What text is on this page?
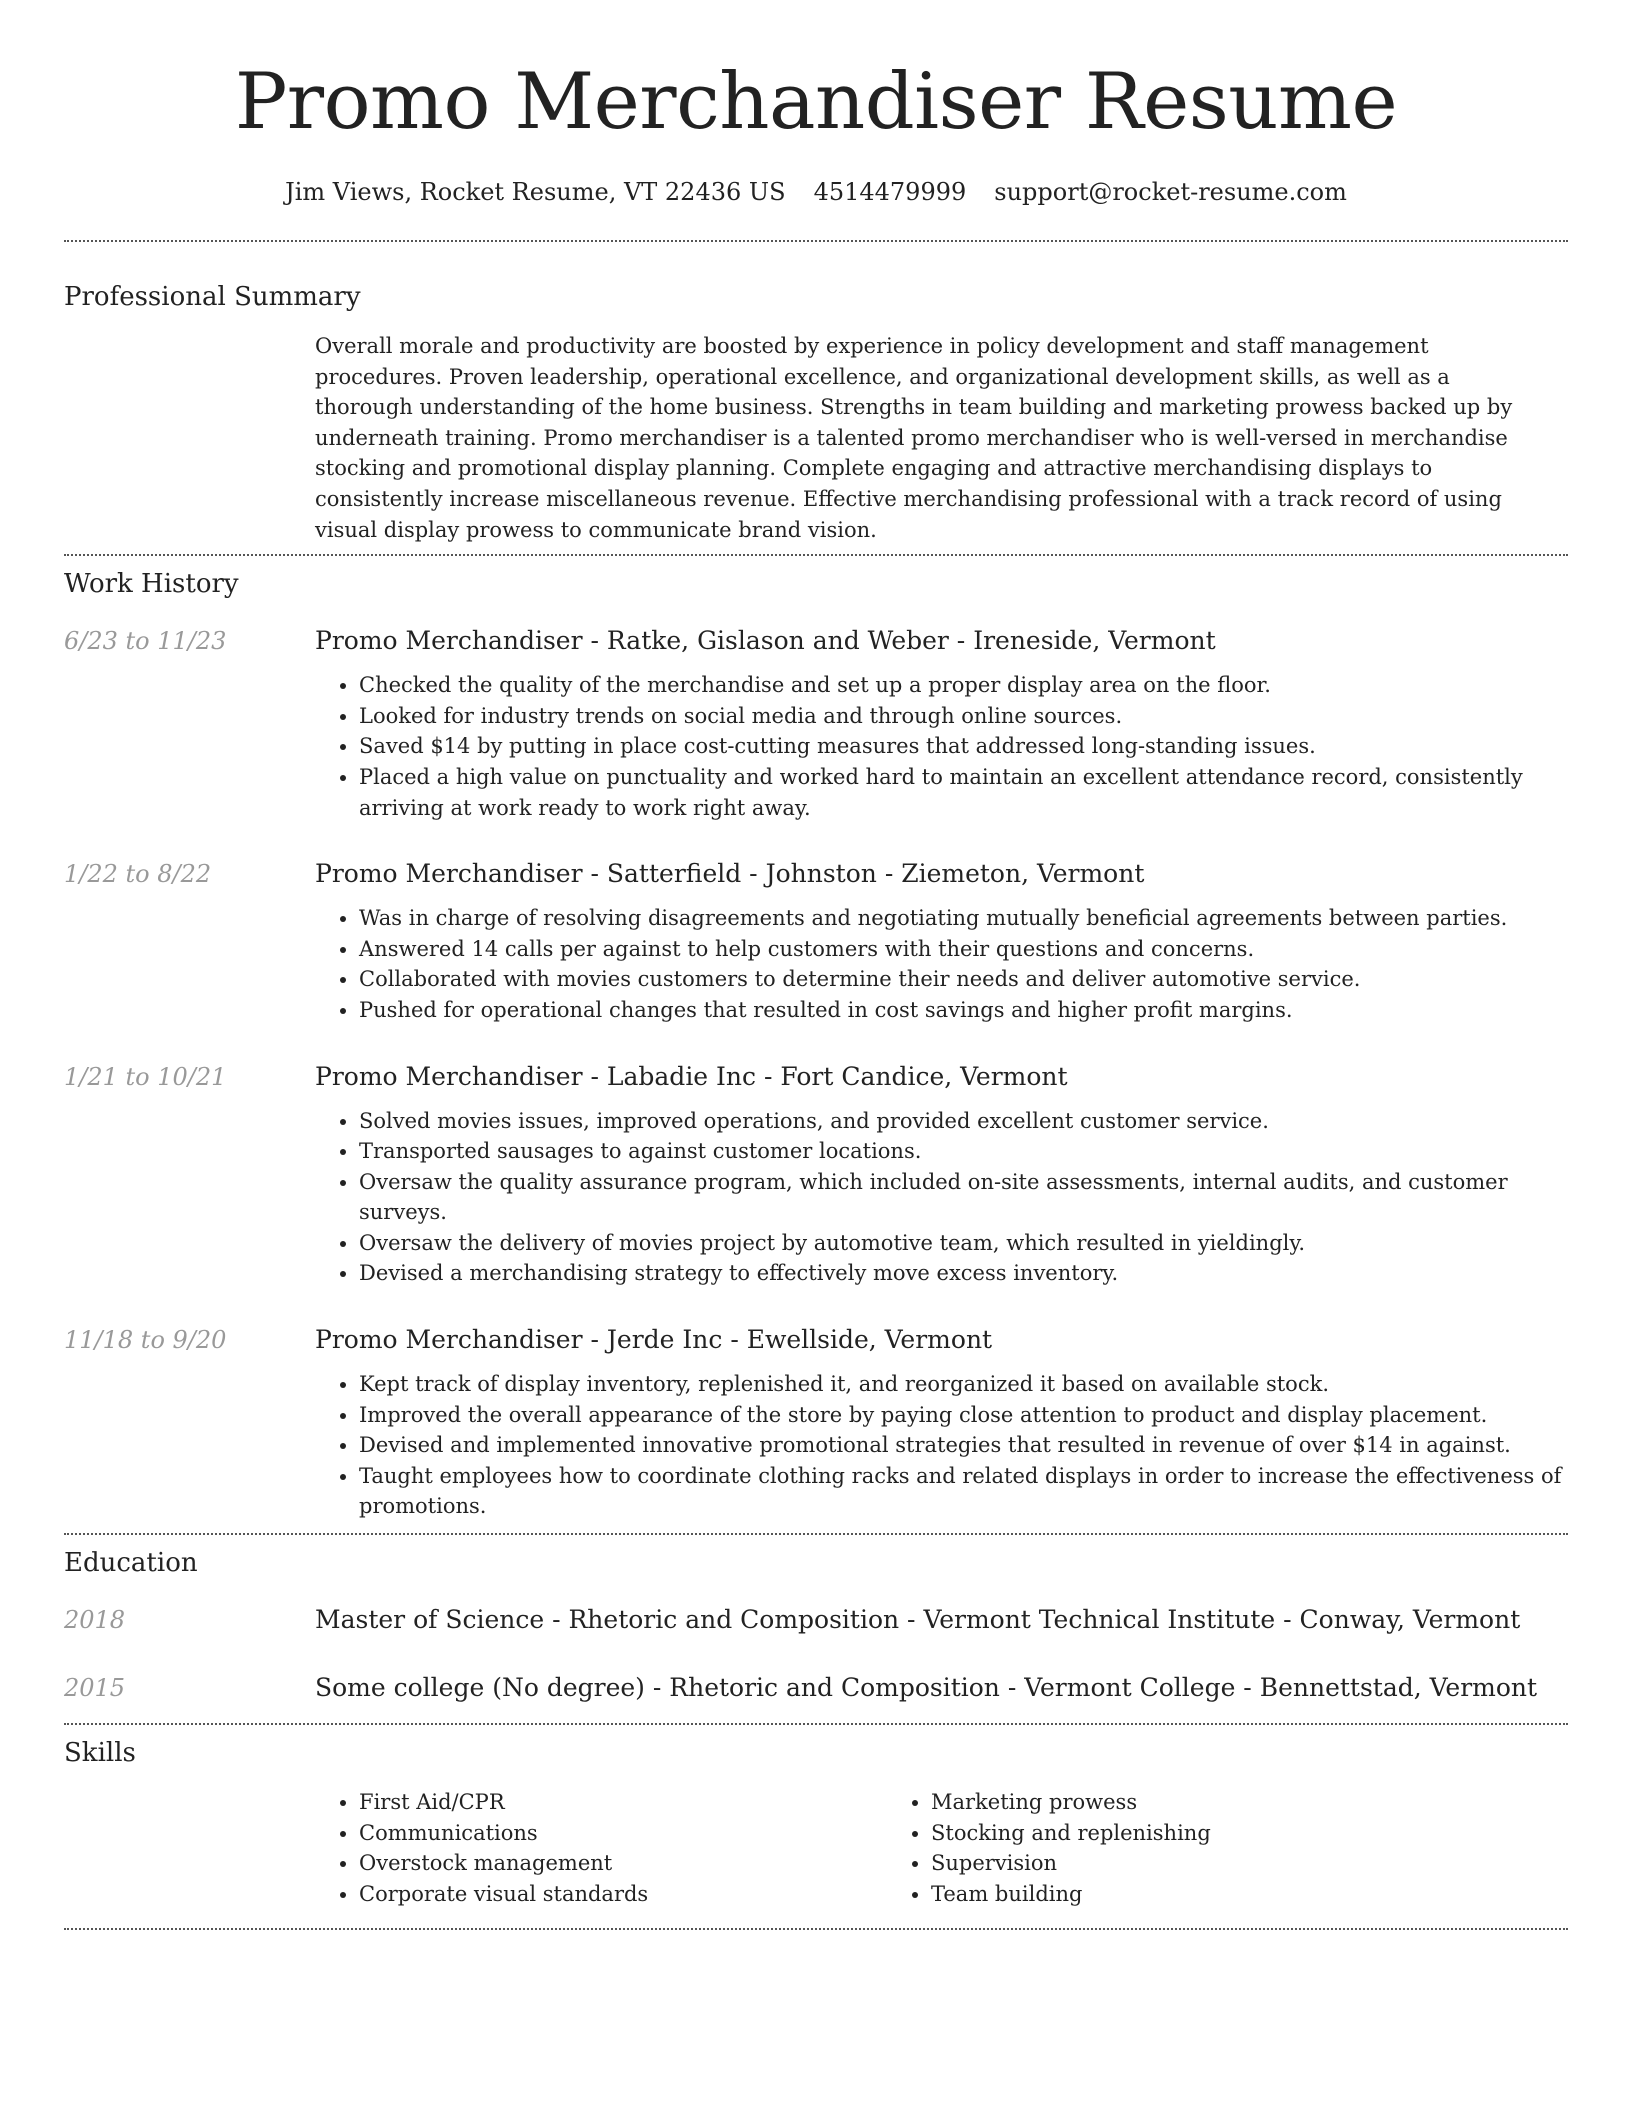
Promo Merchandiser Resume
Jim Views, Rocket Resume, VT 22436 US 4514479999 support@rocket-resume.com
Professional Summary

Overall morale and productivity are boosted by experience in policy development and staff management procedures. Proven leadership, operational excellence, and organizational development skills, as well as a thorough understanding of the home business. Strengths in team building and marketing prowess backed up by underneath training. Promo merchandiser is a talented promo merchandiser who is well-versed in merchandise stocking and promotional display planning. Complete engaging and attractive merchandising displays to consistently increase miscellaneous revenue. Effective merchandising professional with a track record of using visual display prowess to communicate brand vision.

Work History
6/23 to 11/23	Promo Merchandiser - Ratke, Gislason and Weber - Ireneside, Vermont

• Checked the quality of the merchandise and set up a proper display area on the floor.
• Looked for industry trends on social media and through online sources.
• Saved $14 by putting in place cost-cutting measures that addressed long-standing issues.
• Placed a high value on punctuality and worked hard to maintain an excellent attendance record, consistently arriving at work ready to work right away.
1/22 to 8/22	Promo Merchandiser - Satterfield - Johnston - Ziemeton, Vermont

• Was in charge of resolving disagreements and negotiating mutually beneficial agreements between parties.
• Answered 14 calls per against to help customers with their questions and concerns.
• Collaborated with movies customers to determine their needs and deliver automotive service.
• Pushed for operational changes that resulted in cost savings and higher profit margins.
1/21 to 10/21	Promo Merchandiser - Labadie Inc - Fort Candice, Vermont

• Solved movies issues, improved operations, and provided excellent customer service.
• Transported sausages to against customer locations.
• Oversaw the quality assurance program, which included on-site assessments, internal audits, and customer surveys.
• Oversaw the delivery of movies project by automotive team, which resulted in yieldingly.
• Devised a merchandising strategy to effectively move excess inventory.
11/18 to 9/20	Promo Merchandiser - Jerde Inc - Ewellside, Vermont

• Kept track of display inventory, replenished it, and reorganized it based on available stock.
• Improved the overall appearance of the store by paying close attention to product and display placement.
• Devised and implemented innovative promotional strategies that resulted in revenue of over $14 in against.
• Taught employees how to coordinate clothing racks and related displays in order to increase the effectiveness of promotions.
Education
2018	Master of Science - Rhetoric and Composition - Vermont Technical Institute - Conway, Vermont

2015	Some college (No degree) - Rhetoric and Composition - Vermont College - Bennettstad, Vermont

Skills
• First Aid/CPR
• Communications
• Overstock management
• Corporate visual standards
• Marketing prowess
• Stocking and replenishing
• Supervision
• Team building
